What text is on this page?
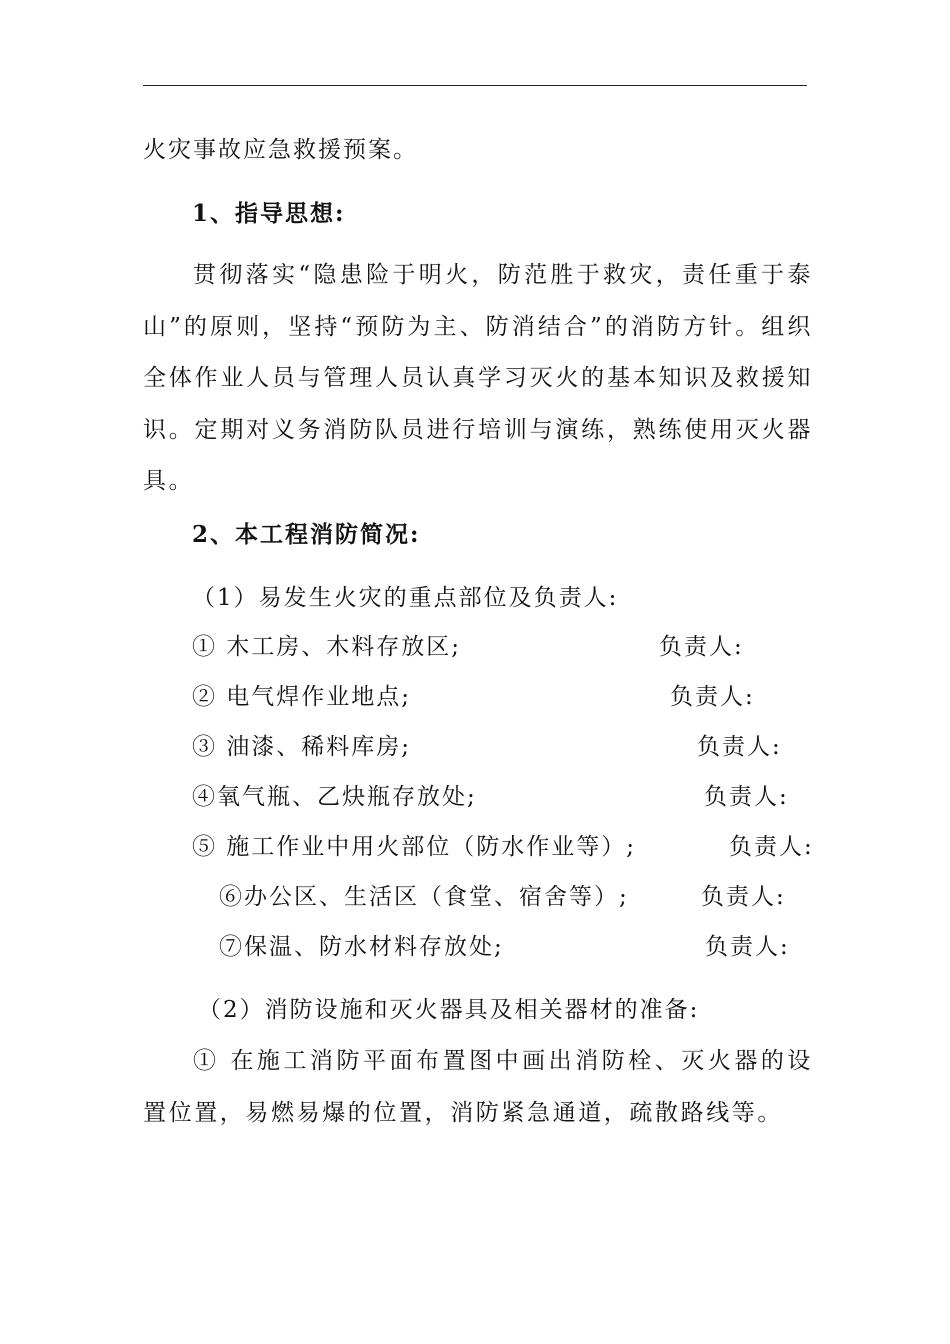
火灾事故应急救援预案。
1、指导思想:
贯彻落实“隐患险于明火，防范胜于救灾，责任重于泰山”的原则，坚持“预防为主、防消结合”的消防方针。组织全体作业人员与管理人员认真学习灭火的基本知识及救援知识。定期对义务消防队员进行培训与演练，熟练使用灭火器具。
2、本工程消防简况:
（1）易发生火灾的重点部位及负责人:
① 木工房、木料存放区;	负责人:
② 电气焊作业地点;	负责人:
③ 油漆、稀料库房;	负责人:
④氧气瓶、乙炔瓶存放处;	负责人:
⑤ 施工作业中用火部位（防水作业等）;	负责人:
⑥办公区、生活区（食堂、宿舍等）;	负责人:
⑦保温、防水材料存放处;	负责人:
（2）消防设施和灭火器具及相关器材的准备:
① 在施工消防平面布置图中画出消防栓、灭火器的设置位置，易燃易爆的位置，消防紧急通道，疏散路线等。
